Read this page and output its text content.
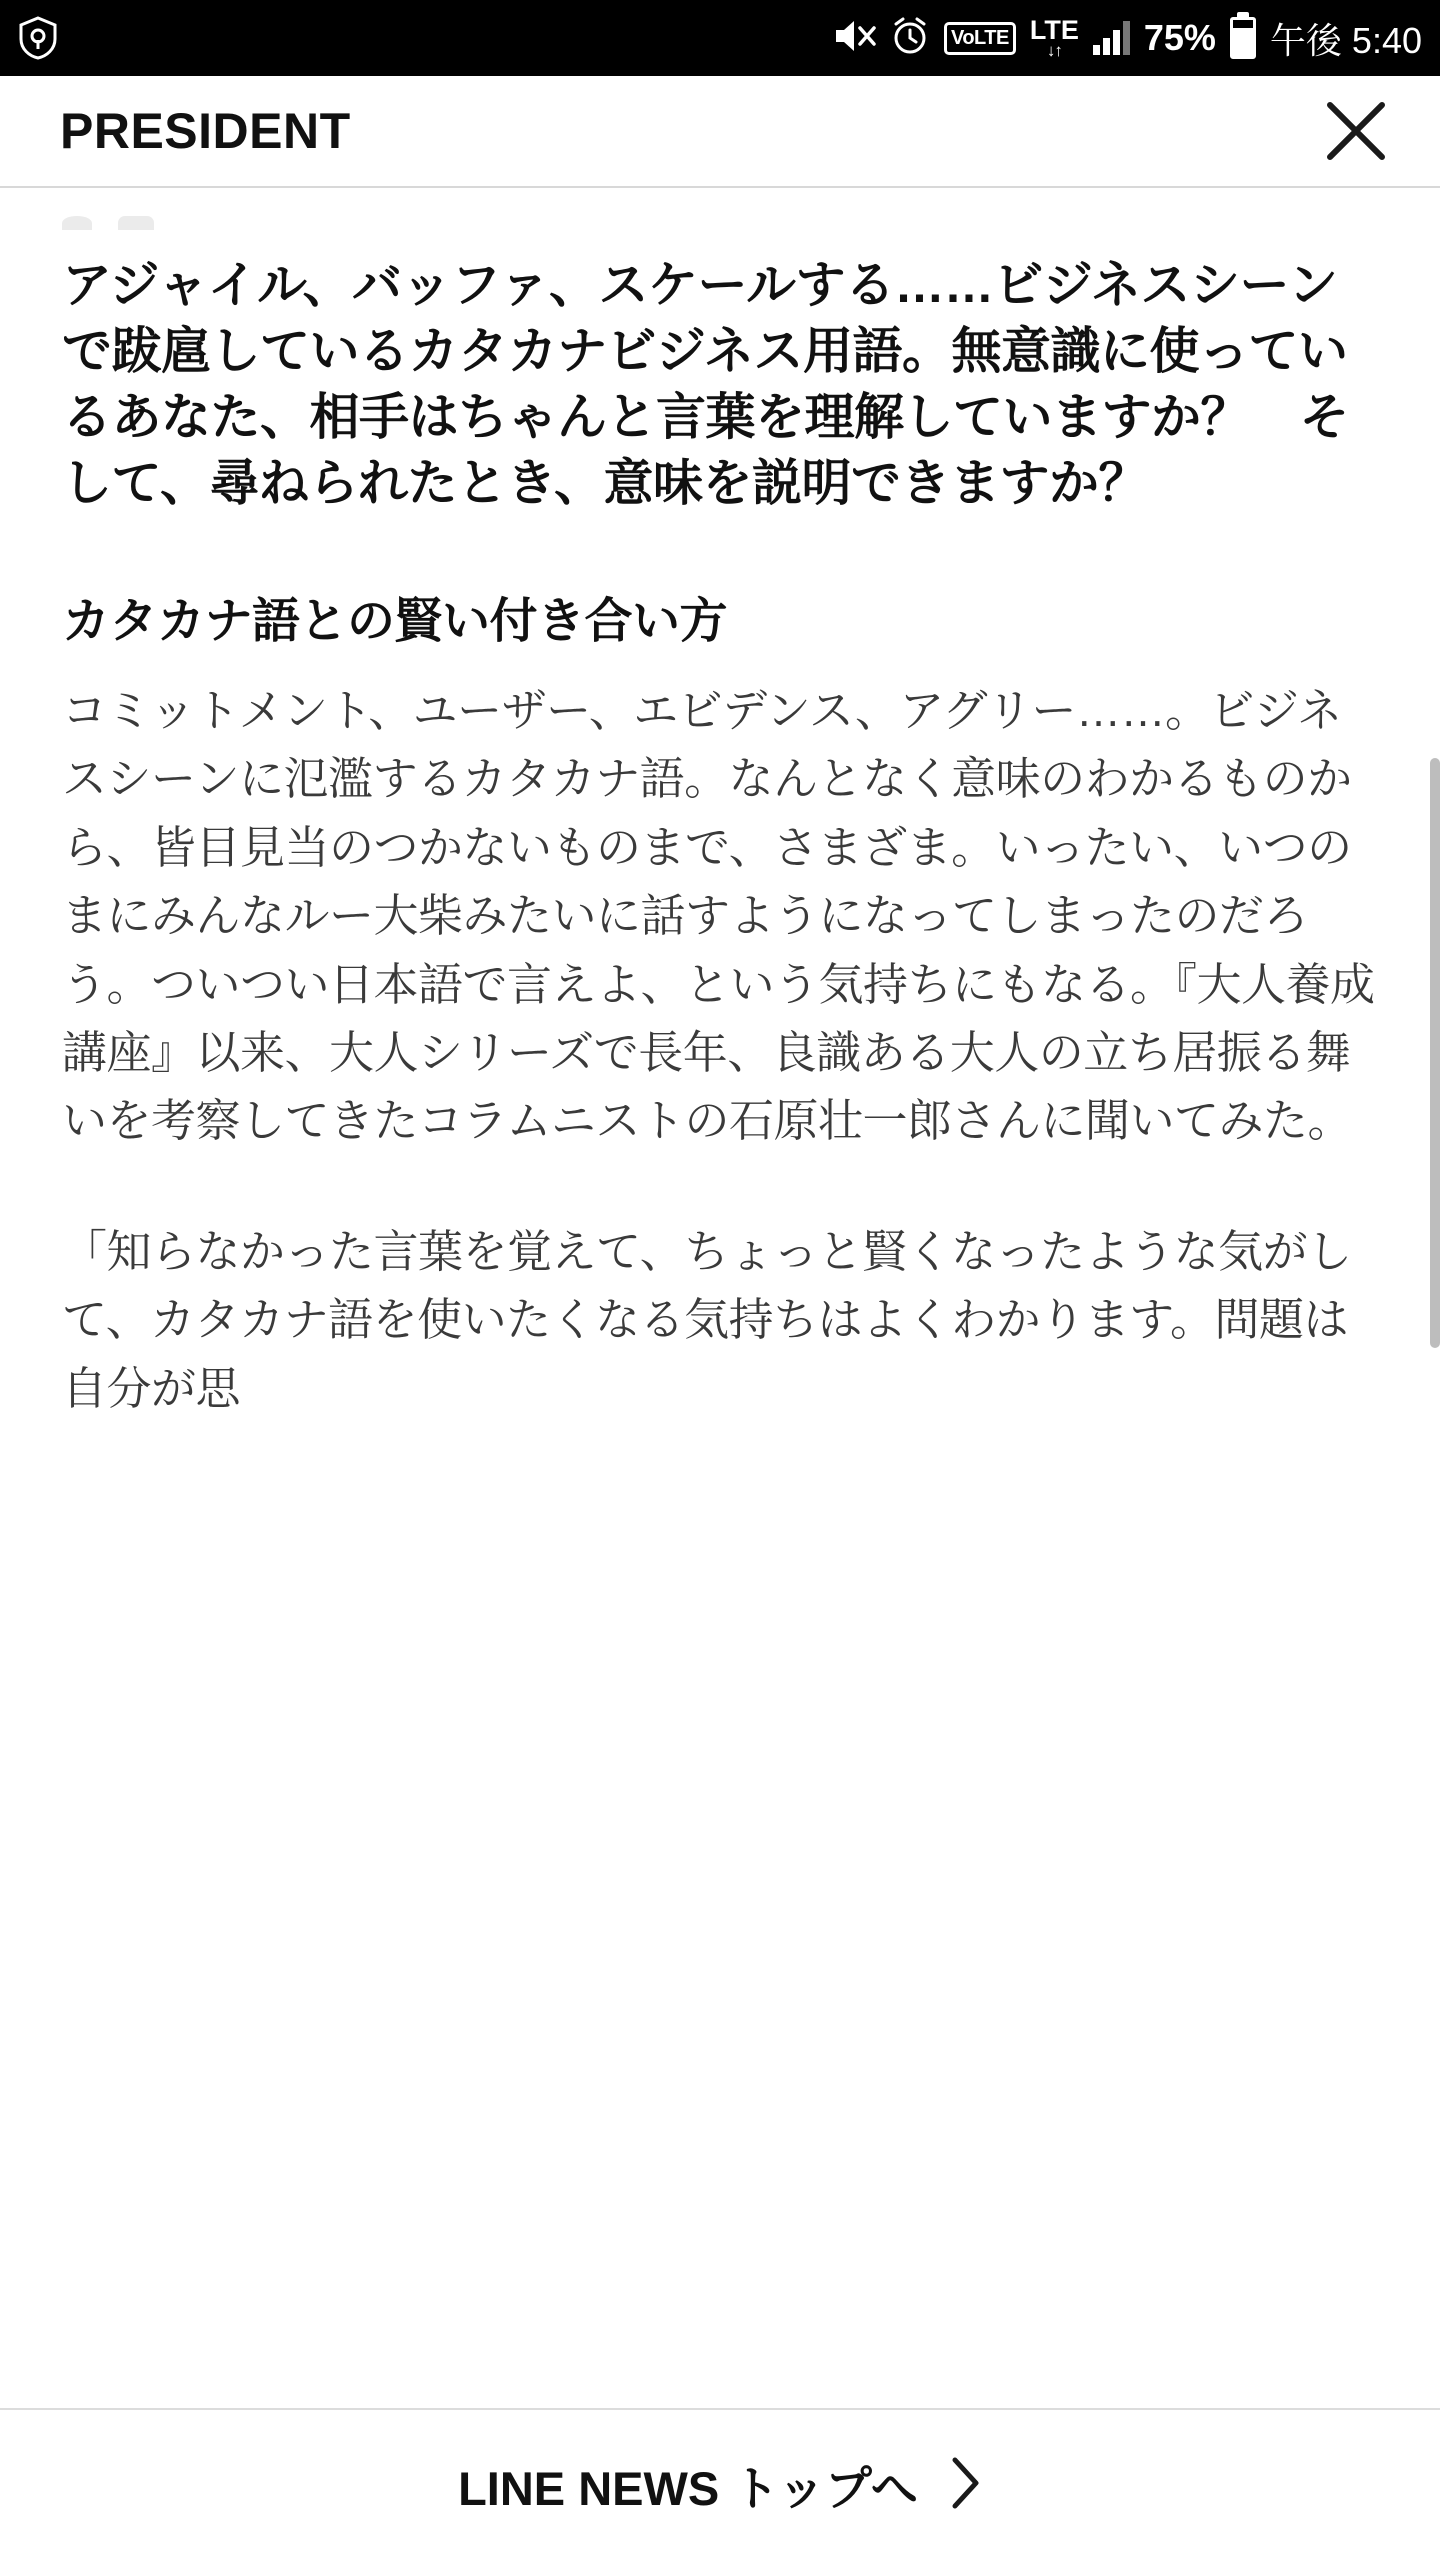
VoLTE LTE
↓↑ 75% 午後 5:40
PRESIDENT
アジャイル、バッファ、スケールする……ビジネスシーンで跋扈しているカタカナビジネス用語。無意識に使っているあなた、相手はちゃんと言葉を理解していますか？　そして、尋ねられたとき、意味を説明できますか？
カタカナ語との賢い付き合い方
コミットメント、ユーザー、エビデンス、アグリー……。ビジネスシーンに氾濫するカタカナ語。なんとなく意味のわかるものから、皆目見当のつかないものまで、さまざま。いったい、いつのまにみんなルー大柴みたいに話すようになってしまったのだろう。ついつい日本語で言えよ、という気持ちにもなる。『大人養成講座』以来、大人シリーズで長年、良識ある大人の立ち居振る舞いを考察してきたコラムニストの石原壮一郎さんに聞いてみた。
「知らなかった言葉を覚えて、ちょっと賢くなったような気がして、カタカナ語を使いたくなる気持ちはよくわかります。問題は自分が思
LINE NEWS トップへ
